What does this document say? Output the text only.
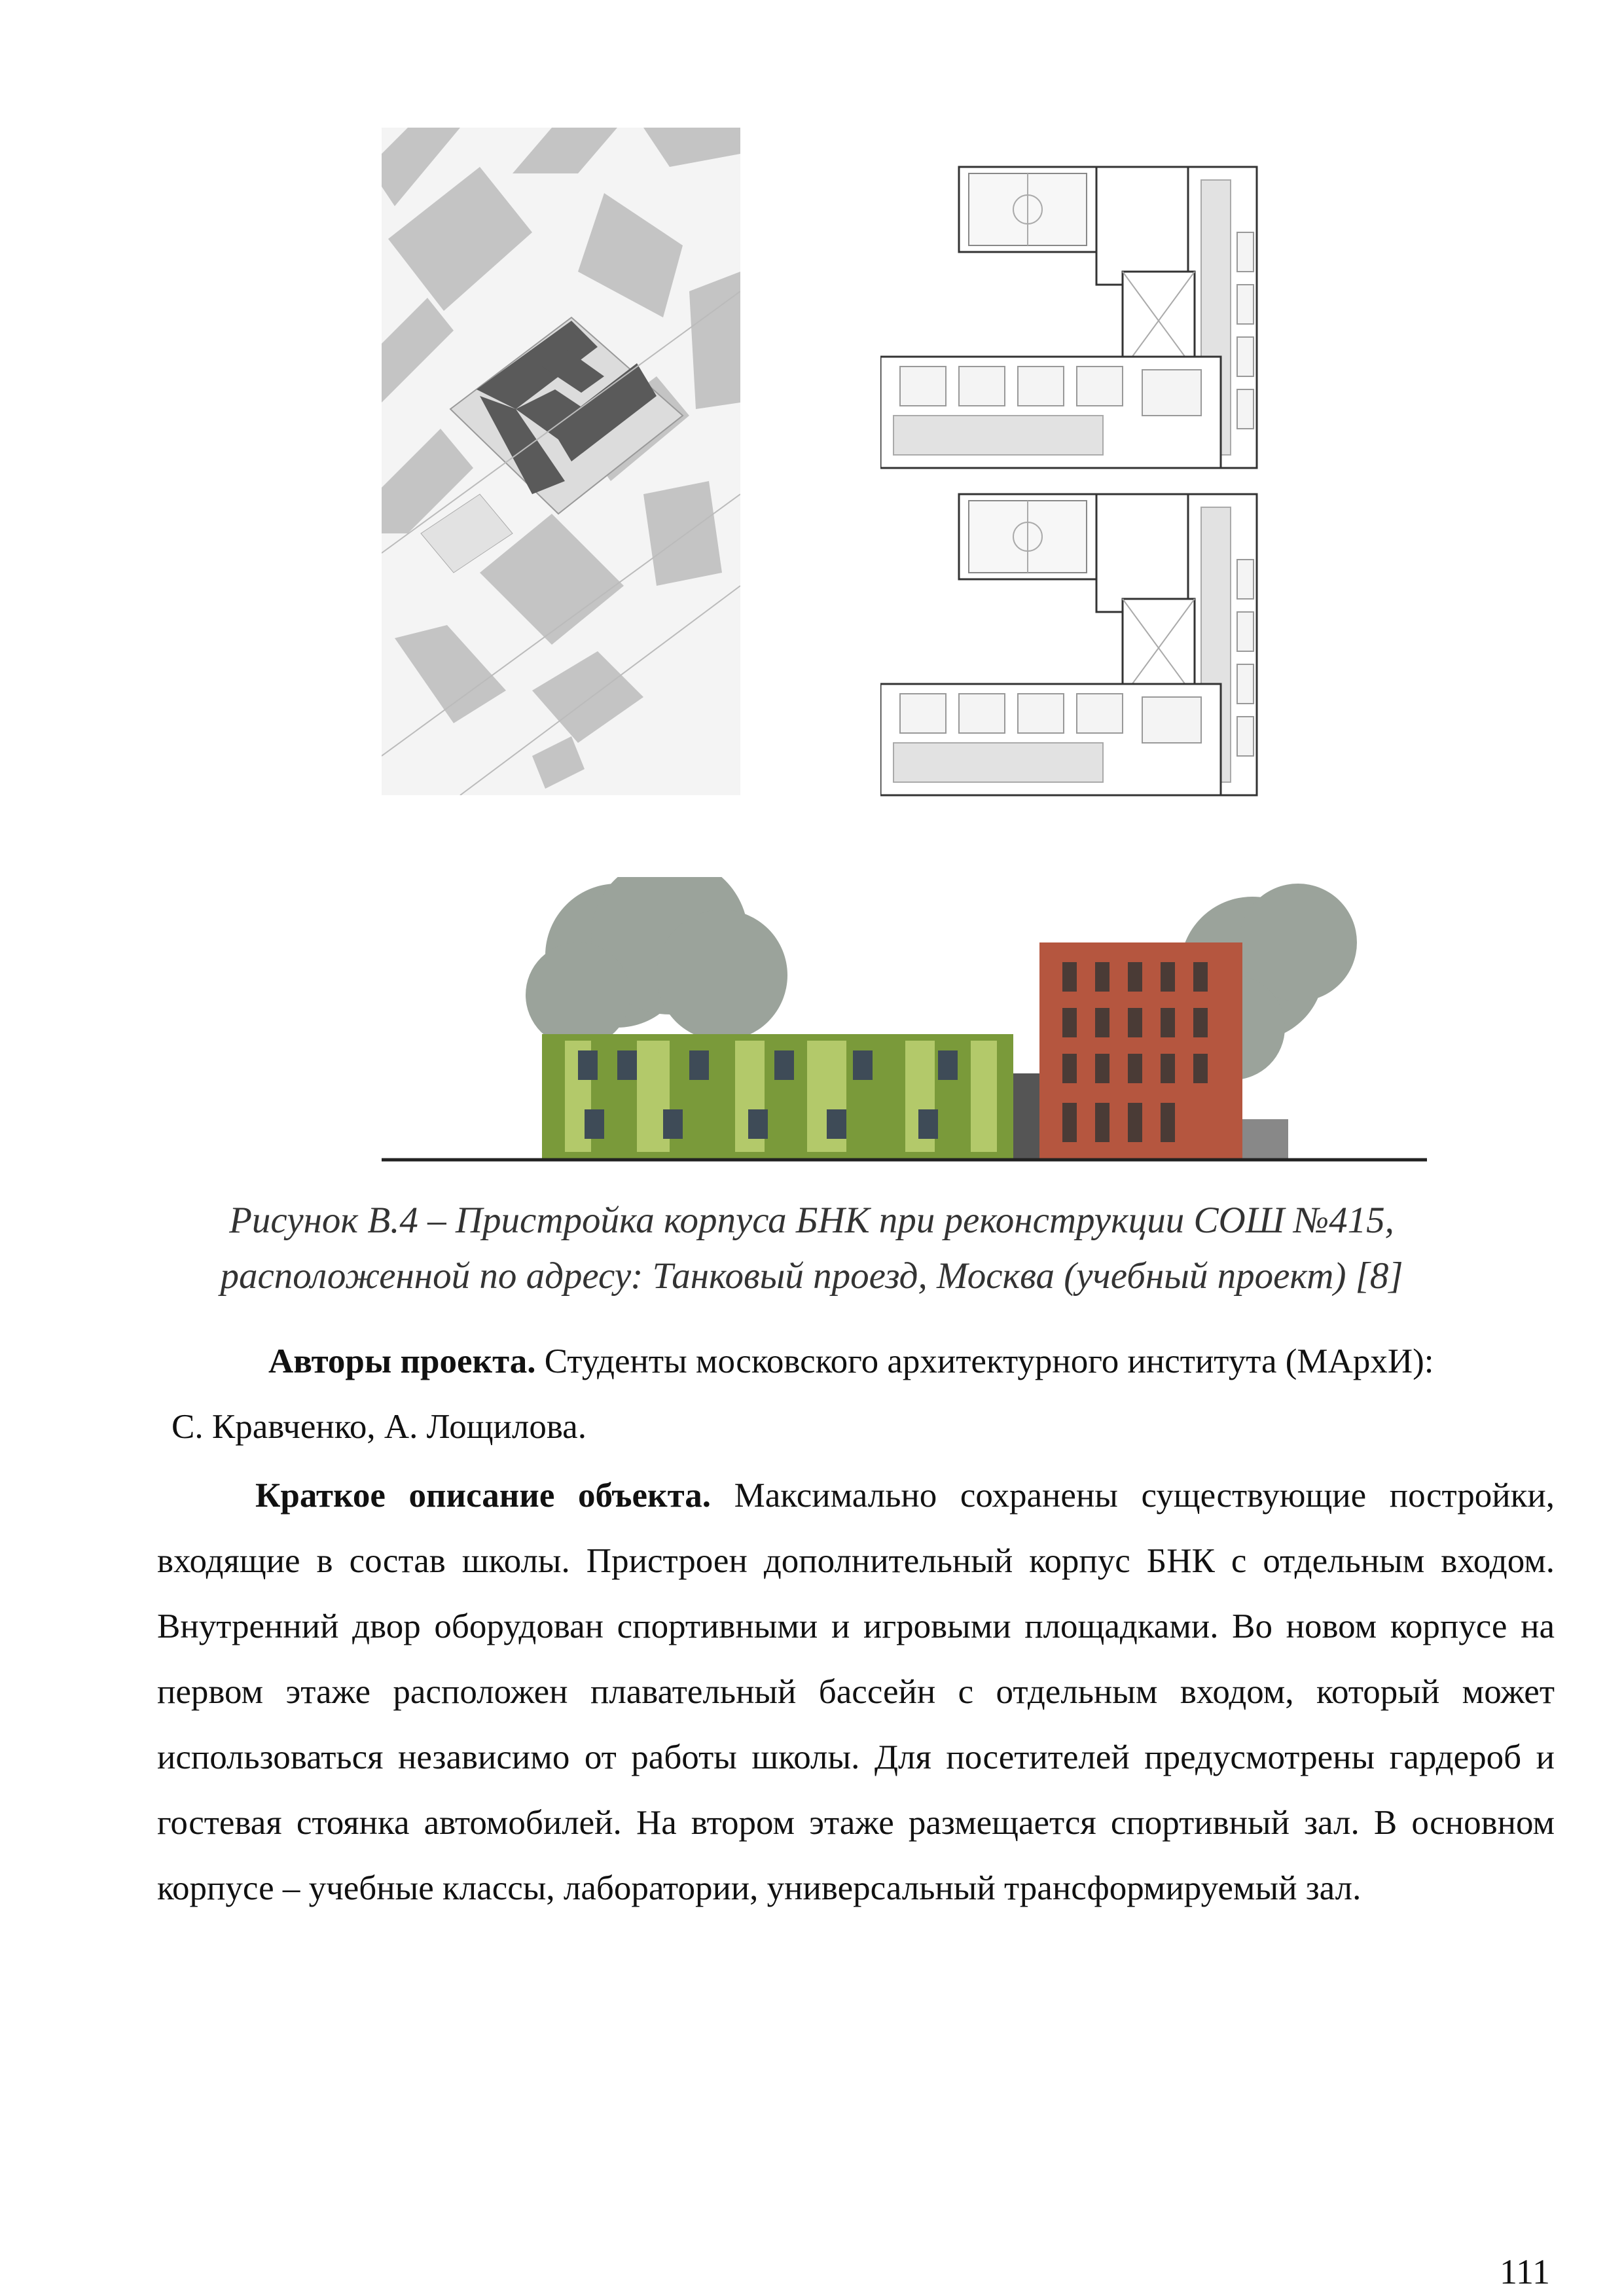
Рисунок В.4 – Пристройка корпуса БНК при реконструкции СОШ №415,
расположенной по адресу: Танковый проезд, Москва (учебный проект) [8]
Авторы проекта. Студенты московского архитектурного института (МАрхИ):
С. Кравченко, А. Лощилова.
Краткое описание объекта. Максимально сохранены существующие постройки, входящие в состав школы. Пристроен дополнительный корпус БНК с отдельным входом. Внутренний двор оборудован спортивными и игровыми площадками. Во новом корпусе на первом этаже расположен плавательный бассейн с отдельным входом, который может использоваться независимо от работы школы. Для посетителей предусмотрены гардероб и гостевая стоянка автомобилей. На втором этаже размещается спортивный зал. В основном корпусе – учебные классы, лаборатории, универсальный трансформируемый зал.
111
